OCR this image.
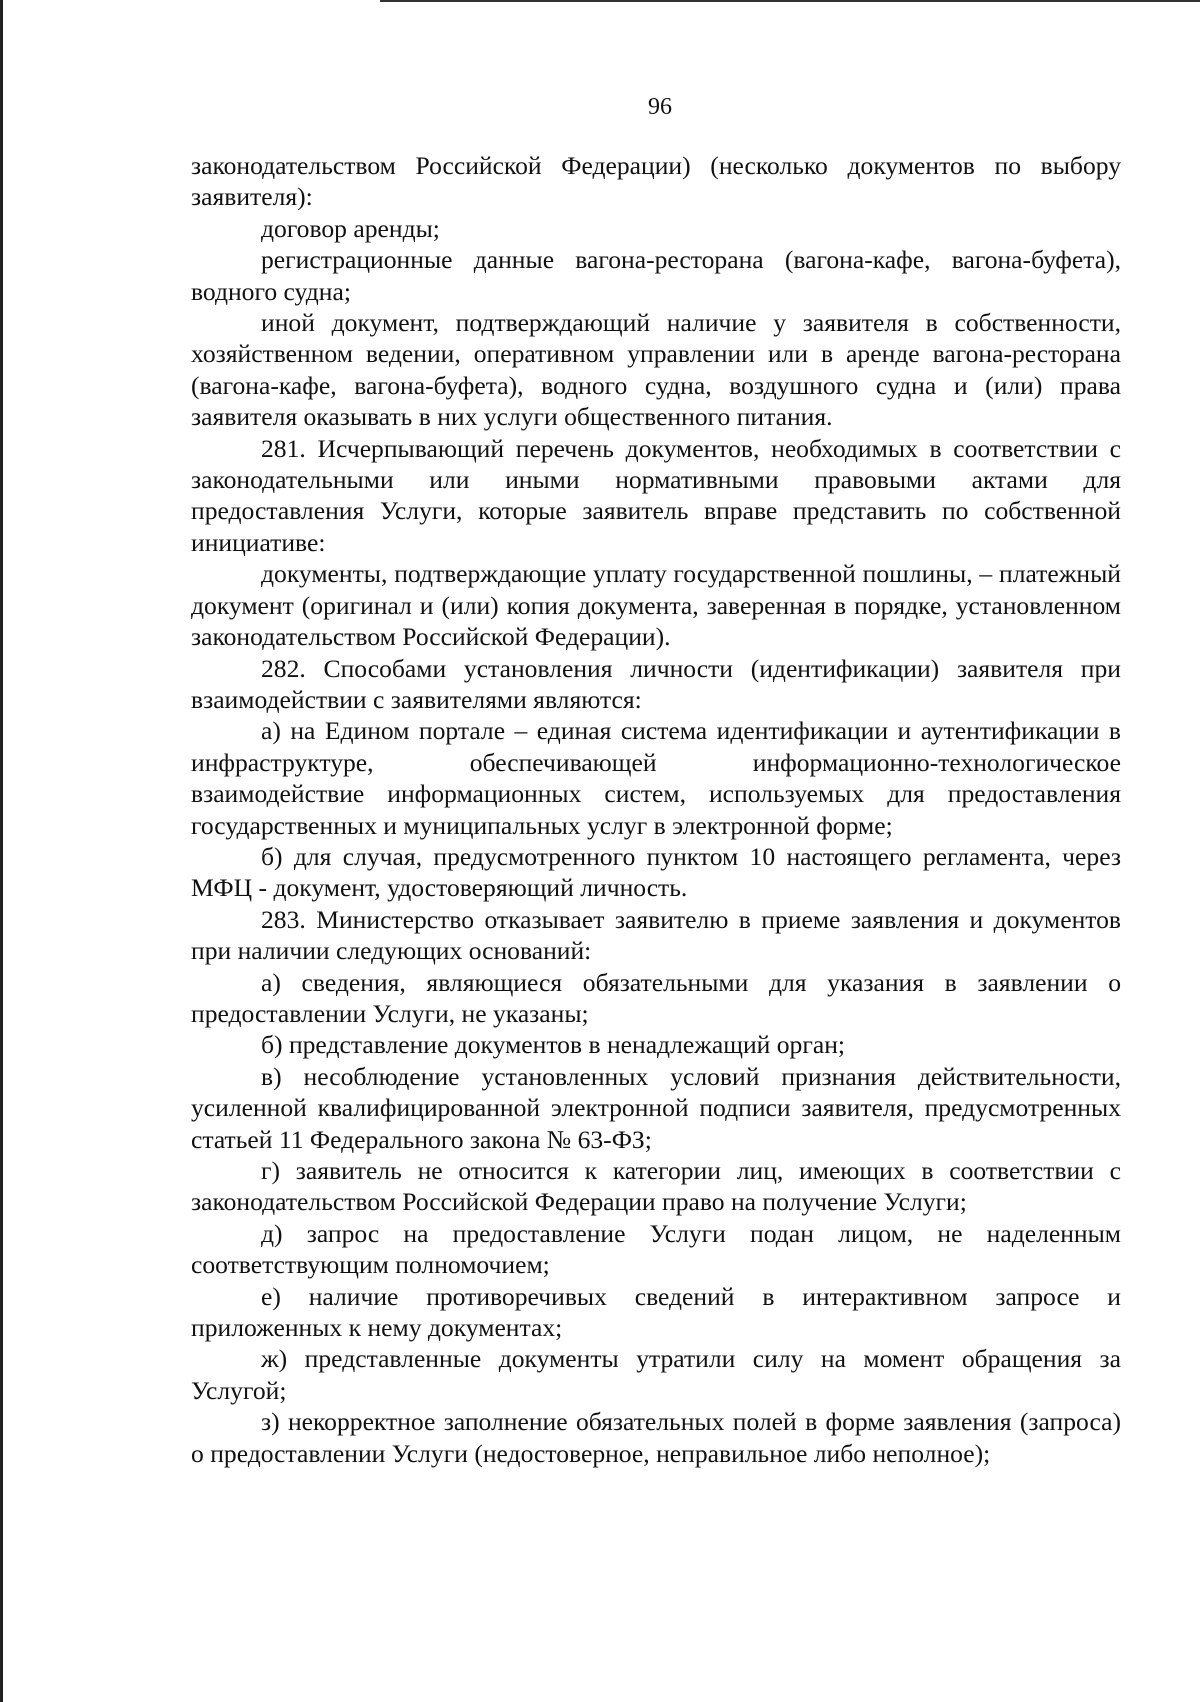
96

законодательством Российской Федерации) (несколько документов по выбору заявителя):

договор аренды;

регистрационные данные вагона-ресторана (вагона-кафе, вагона-буфета), водного судна;

иной документ, подтверждающий наличие у заявителя в собственности, хозяйственном ведении, оперативном управлении или в аренде вагона-ресторана (вагона-кафе, вагона-буфета), водного судна, воздушного судна и (или) права заявителя оказывать в них услуги общественного питания.

281. Исчерпывающий перечень документов, необходимых в соответствии с законодательными или иными нормативными правовыми актами для предоставления Услуги, которые заявитель вправе представить по собственной инициативе:

документы, подтверждающие уплату государственной пошлины, – платежный документ (оригинал и (или) копия документа, заверенная в порядке, установленном законодательством Российской Федерации).

282. Способами установления личности (идентификации) заявителя при взаимодействии с заявителями являются:

а) на Едином портале – единая система идентификации и аутентификации в инфраструктуре, обеспечивающей информационно-технологическое взаимодействие информационных систем, используемых для предоставления государственных и муниципальных услуг в электронной форме;

б) для случая, предусмотренного пунктом 10 настоящего регламента, через МФЦ - документ, удостоверяющий личность.

283. Министерство отказывает заявителю в приеме заявления и документов при наличии следующих оснований:

а) сведения, являющиеся обязательными для указания в заявлении о предоставлении Услуги, не указаны;

б) представление документов в ненадлежащий орган;

в) несоблюдение установленных условий признания действительности, усиленной квалифицированной электронной подписи заявителя, предусмотренных статьей 11 Федерального закона № 63-ФЗ;

г) заявитель не относится к категории лиц, имеющих в соответствии с законодательством Российской Федерации право на получение Услуги;

д) запрос на предоставление Услуги подан лицом, не наделенным соответствующим полномочием;

е) наличие противоречивых сведений в интерактивном запросе и приложенных к нему документах;

ж) представленные документы утратили силу на момент обращения за Услугой;

з) некорректное заполнение обязательных полей в форме заявления (запроса) о предоставлении Услуги (недостоверное, неправильное либо неполное);
